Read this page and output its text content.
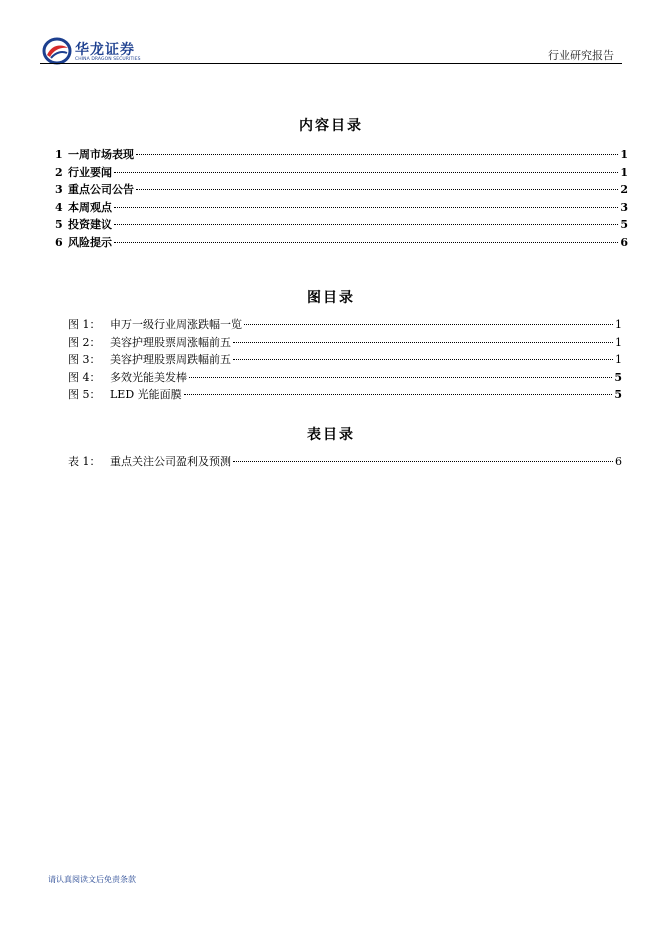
华龙证券
CHINA DRAGON SECURITIES	行业研究报告
内容目录
1 一周市场表现	1
2 行业要闻	1
3 重点公司公告	2
4 本周观点	3
5 投资建议	5
6 风险提示	6
图目录
图 1： 申万一级行业周涨跌幅一览	1
图 2： 美容护理股票周涨幅前五	1
图 3： 美容护理股票周跌幅前五	1
图 4： 多效光能美发棒	5
图 5： LED 光能面膜	5
表目录
表 1： 重点关注公司盈利及预测	6
请认真阅读文后免责条款
